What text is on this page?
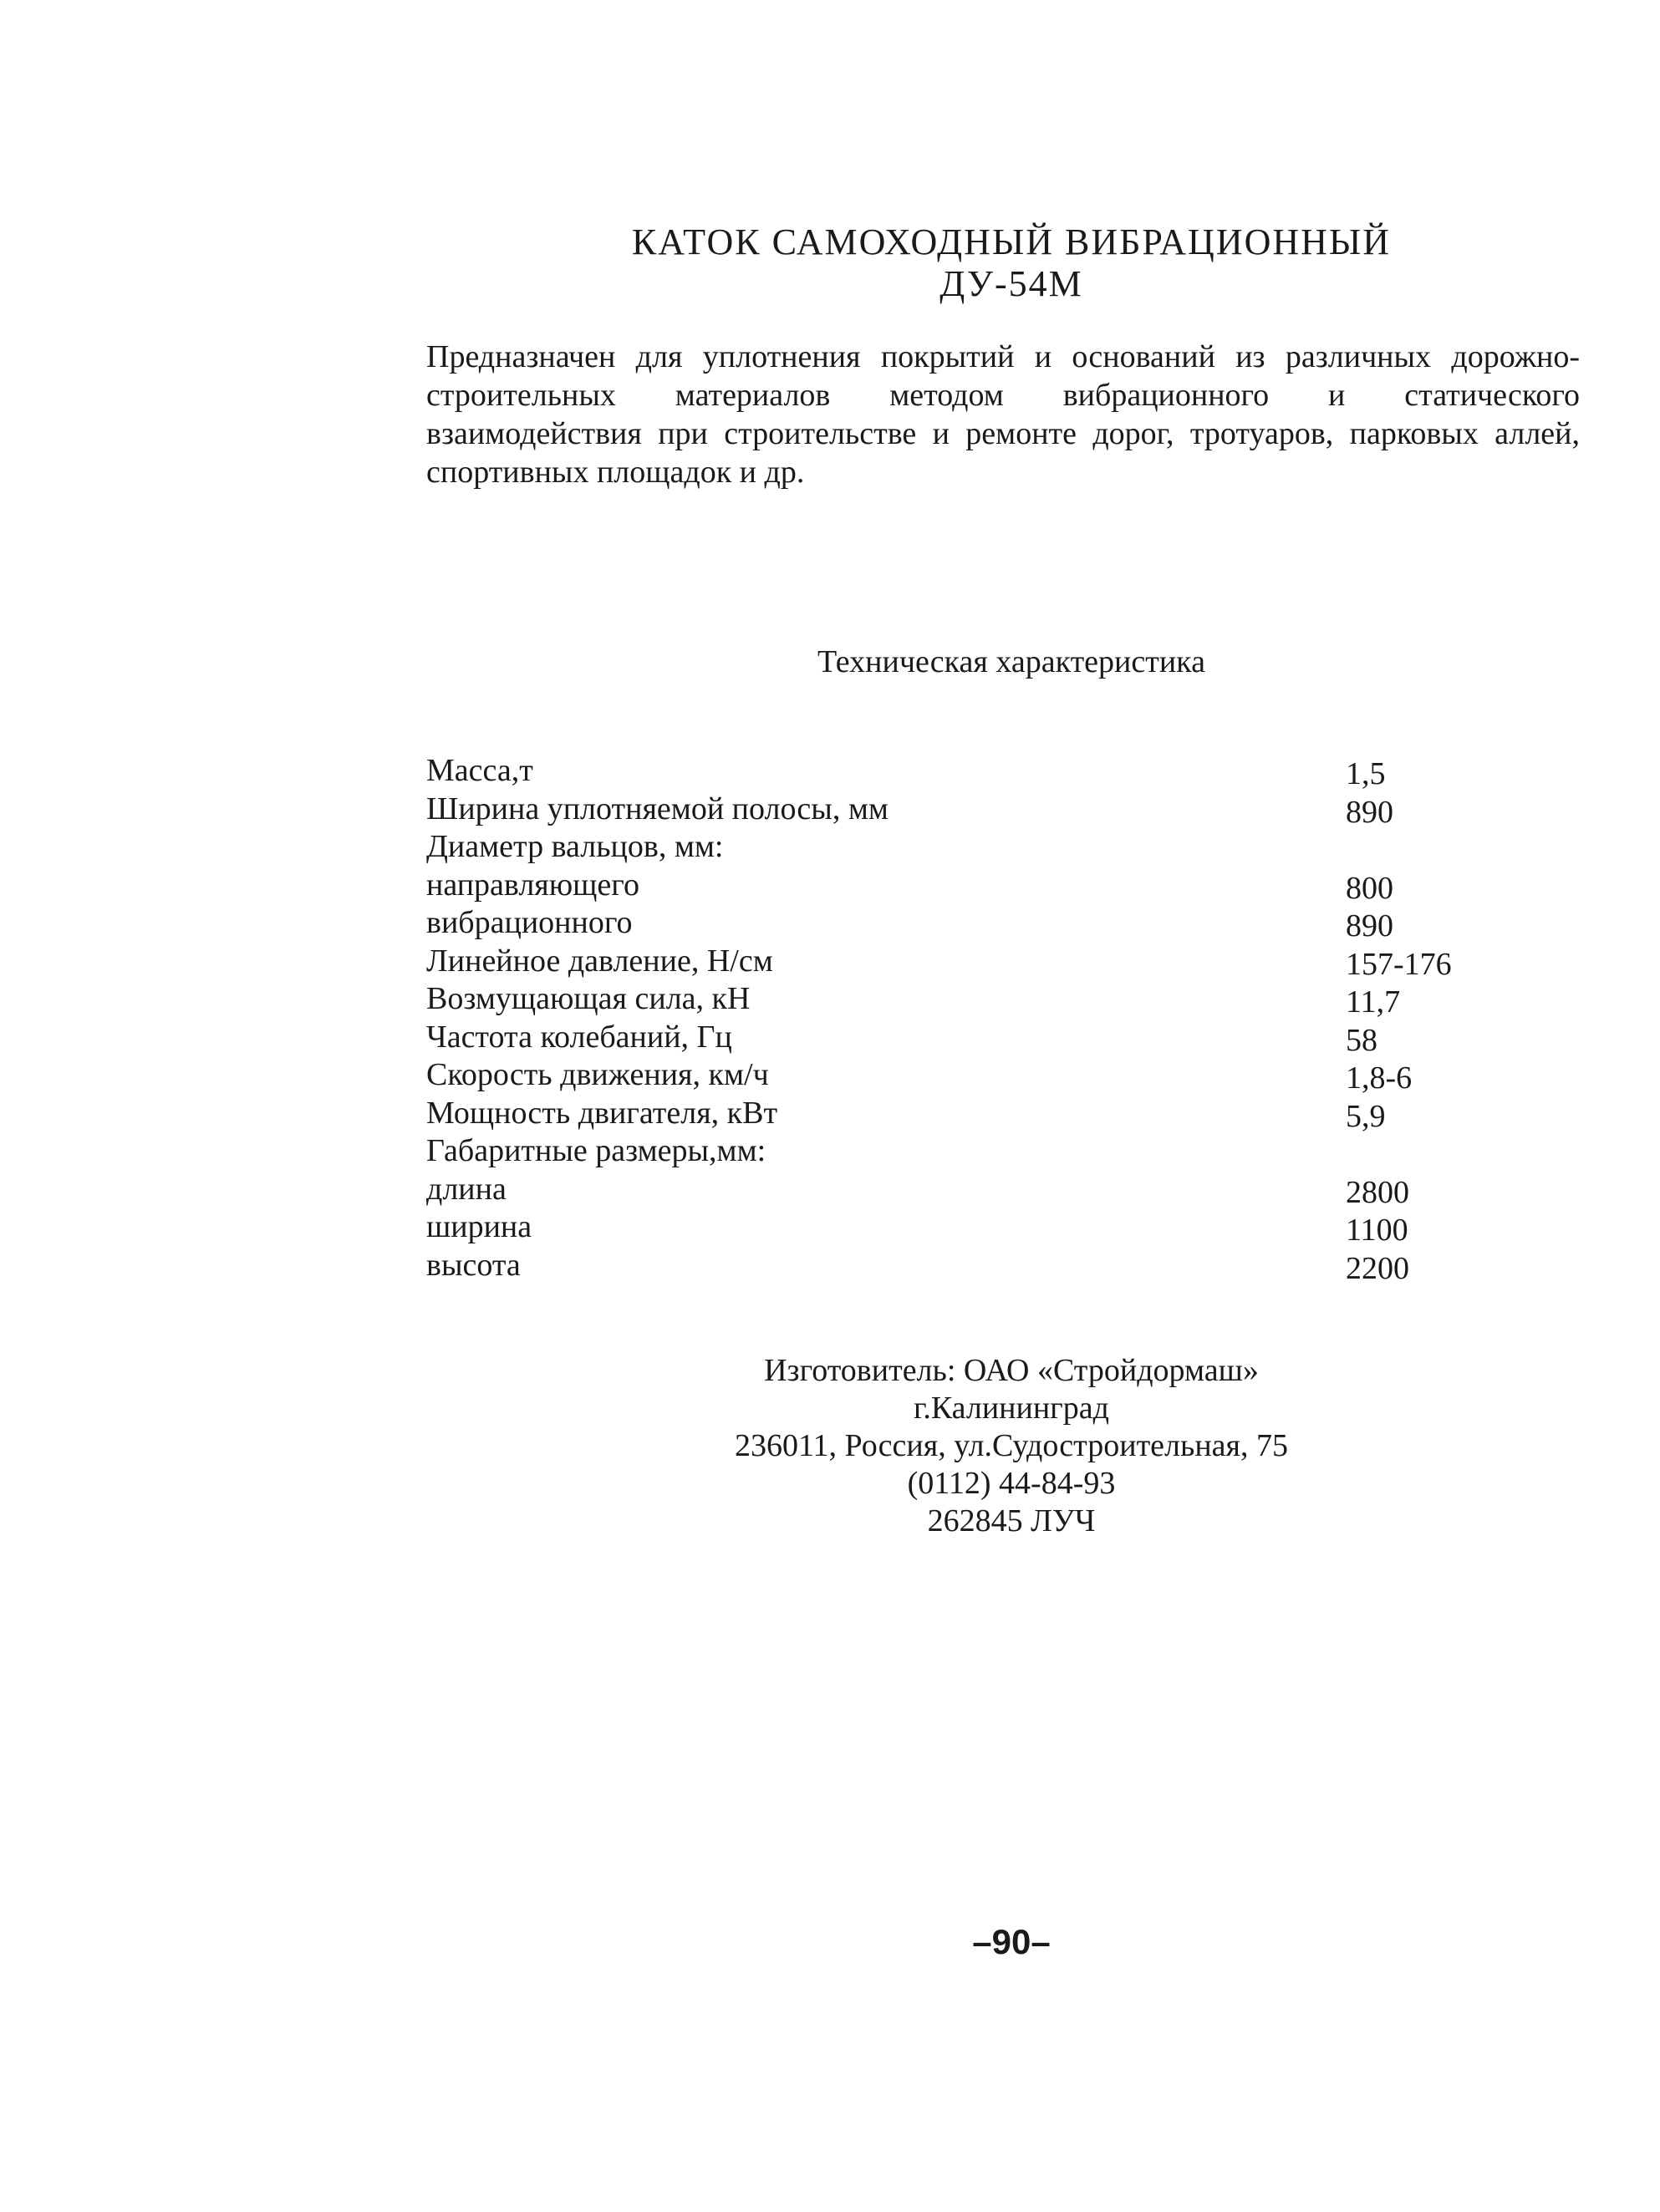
КАТОК САМОХОДНЫЙ ВИБРАЦИОННЫЙ
ДУ-54М
Предназначен для уплотнения покрытий и оснований из различных дорожно-
строительных материалов методом вибрационного и статического
взаимодействия при строительстве и ремонте дорог, тротуаров, парковых аллей,
спортивных площадок и др.
Техническая характеристика
Масса,т	1,5
Ширина уплотняемой полосы, мм	890
Диаметр вальцов, мм:
направляющего	800
вибрационного	890
Линейное давление, Н/см	157-176
Возмущающая сила, кН	11,7
Частота колебаний, Гц	58
Скорость движения, км/ч	1,8-6
Мощность двигателя, кВт	5,9
Габаритные размеры,мм:
длина	2800
ширина	1100
высота	2200
Изготовитель: ОАО «Стройдормаш»
г.Калининград
236011, Россия, ул.Судостроительная, 75
(0112) 44-84-93
262845 ЛУЧ
–90–
